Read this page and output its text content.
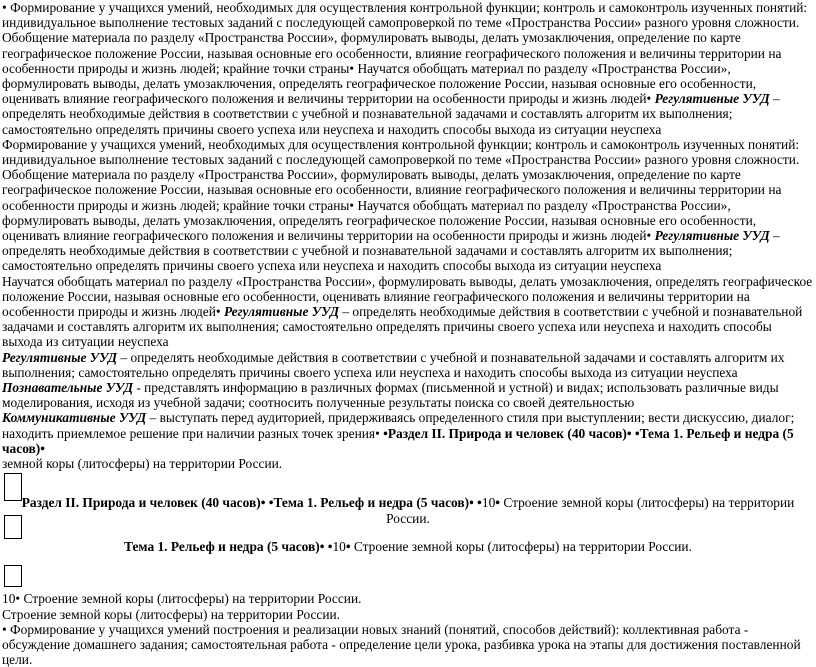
• Формирование у учащихся умений, необходимых для осуществления контрольной функции; контроль и самоконтроль изученных понятий: индивидуальное выполнение тестовых заданий с последующей самопроверкой по теме «Пространства России» разного уровня сложности. Обобщение материала по разделу «Пространства России», формулировать выводы, делать умозаключения, определение по карте географическое положение России, называя основные его особенности, влияние географического положения и величины территории на особенности природы и жизнь людей; крайние точки страны• Научатся обобщать материал по разделу «Пространства России», формулировать выводы, делать умозаключения, определять географическое положение России, называя основные его особенности, оценивать влияние географического положения и величины территории на особенности природы и жизнь людей• Регулятивные УУД – определять необходимые действия в соответствии с учебной и познавательной задачами и составлять алгоритм их выполнения; самостоятельно определять причины своего успеха или неуспеха и находить способы выхода из ситуации неуспеха

Формирование у учащихся умений, необходимых для осуществления контрольной функции; контроль и самоконтроль изученных понятий: индивидуальное выполнение тестовых заданий с последующей самопроверкой по теме «Пространства России» разного уровня сложности. Обобщение материала по разделу «Пространства России», формулировать выводы, делать умозаключения, определение по карте географическое положение России, называя основные его особенности, влияние географического положения и величины территории на особенности природы и жизнь людей; крайние точки страны• Научатся обобщать материал по разделу «Пространства России», формулировать выводы, делать умозаключения, определять географическое положение России, называя основные его особенности, оценивать влияние географического положения и величины территории на особенности природы и жизнь людей• Регулятивные УУД – определять необходимые действия в соответствии с учебной и познавательной задачами и составлять алгоритм их выполнения; самостоятельно определять причины своего успеха или неуспеха и находить способы выхода из ситуации неуспеха

Научатся обобщать материал по разделу «Пространства России», формулировать выводы, делать умозаключения, определять географическое положение России, называя основные его особенности, оценивать влияние географического положения и величины территории на особенности природы и жизнь людей• Регулятивные УУД – определять необходимые действия в соответствии с учебной и познавательной задачами и составлять алгоритм их выполнения; самостоятельно определять причины своего успеха или неуспеха и находить способы выхода из ситуации неуспеха

Регулятивные УУД – определять необходимые действия в соответствии с учебной и познавательной задачами и составлять алгоритм их выполнения; самостоятельно определять причины своего успеха или неуспеха и находить способы выхода из ситуации неуспеха

Познавательные УУД - представлять информацию в различных формах (письменной и устной) и видах; использовать различные виды моделирования, исходя из учебной задачи; соотносить полученные результаты поиска со своей деятельностью

Коммуникативные УУД – выступать перед аудиторией, придерживаясь определенного стиля при выступлении; вести дискуссию, диалог; находить приемлемое решение при наличии разных точек зрения• •Раздел II. Природа и человек (40 часов)• •Тема 1. Рельеф и недра (5 часов)•

земной коры (литосферы) на территории России.

Раздел II. Природа и человек (40 часов)• •Тема 1. Рельеф и недра (5 часов)• •10• Строение земной коры (литосферы) на территории России.
Тема 1. Рельеф и недра (5 часов)• •10• Строение земной коры (литосферы) на территории России.

10• Строение земной коры (литосферы) на территории России.

Строение земной коры (литосферы) на территории России.

• Формирование у учащихся умений построения и реализации новых знаний (понятий, способов действий): коллективная работа - обсуждение домашнего задания; самостоятельная работа - определение цели урока, разбивка урока на этапы для достижения поставленной цели.
